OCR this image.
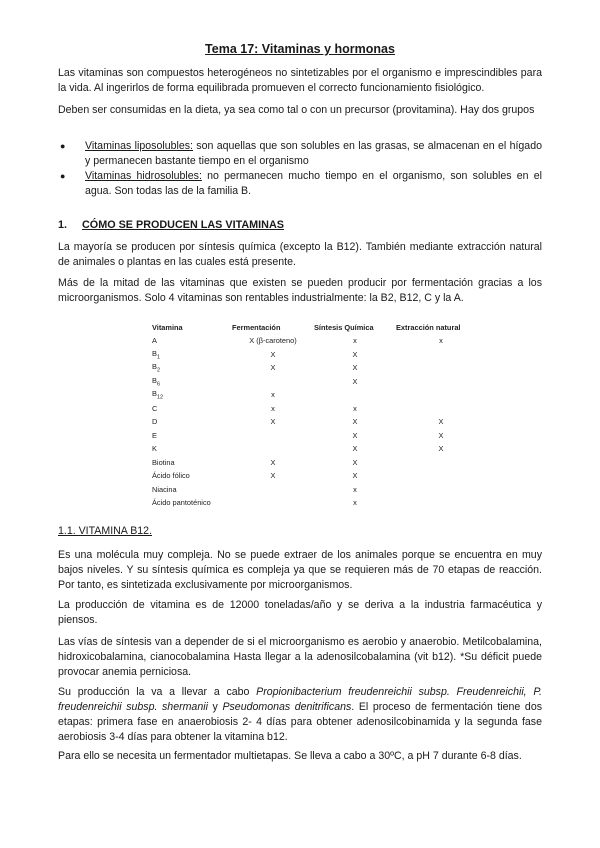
Tema 17: Vitaminas y hormonas

Las vitaminas son compuestos heterogéneos no sintetizables por el organismo e imprescindibles para la vida. Al ingerirlos de forma equilibrada promueven el correcto funcionamiento fisiológico.

Deben ser consumidas en la dieta, ya sea como tal o con un precursor (provitamina). Hay dos grupos

● Vitaminas liposolubles: son aquellas que son solubles en las grasas, se almacenan en el hígado y permanecen bastante tiempo en el organismo
● Vitaminas hidrosolubles: no permanecen mucho tiempo en el organismo, son solubles en el agua. Son todas las de la familia B.
1. CÓMO SE PRODUCEN LAS VITAMINAS

La mayoría se producen por síntesis química (excepto la B12). También mediante extracción natural de animales o plantas en las cuales está presente.

Más de la mitad de las vitaminas que existen se pueden producir por fermentación gracias a los microorganismos. Solo 4 vitaminas son rentables industrialmente: la B2, B12, C y la A.

Vitamina	Fermentación	Síntesis Química	Extracción natural
A	X (β-caroteno)	x	x
$B_1$	X	X	
$B_2$	X	X	
$B_6$		X	
$B_{12}$	x		
C	x	x	
D	X	X	X
E		X	X
K		X	X
Biotina	X	X	
Ácido fólico	X	X	
Niacina		x	
Ácido pantoténico		x	
1.1. VITAMINA B12.

Es una molécula muy compleja. No se puede extraer de los animales porque se encuentra en muy bajos niveles. Y su síntesis química es compleja ya que se requieren más de 70 etapas de reacción. Por tanto, es sintetizada exclusivamente por microorganismos.

La producción de vitamina es de 12000 toneladas/año y se deriva a la industria farmacéutica y piensos.

Las vías de síntesis van a depender de si el microorganismo es aerobio y anaerobio. Metilcobalamina, hidroxicobalamina, cianocobalamina Hasta llegar a la adenosilcobalamina (vit b12). *Su déficit puede provocar anemia perniciosa.

Su producción la va a llevar a cabo Propionibacterium freudenreichii subsp. Freudenreichii, P. freudenreichii subsp. shermanii y Pseudomonas denitrificans. El proceso de fermentación tiene dos etapas: primera fase en anaerobiosis 2- 4 días para obtener adenosilcobinamida y la segunda fase aerobiosis 3-4 días para obtener la vitamina b12.

Para ello se necesita un fermentador multietapas. Se lleva a cabo a 30ºC, a pH 7 durante 6-8 días.
